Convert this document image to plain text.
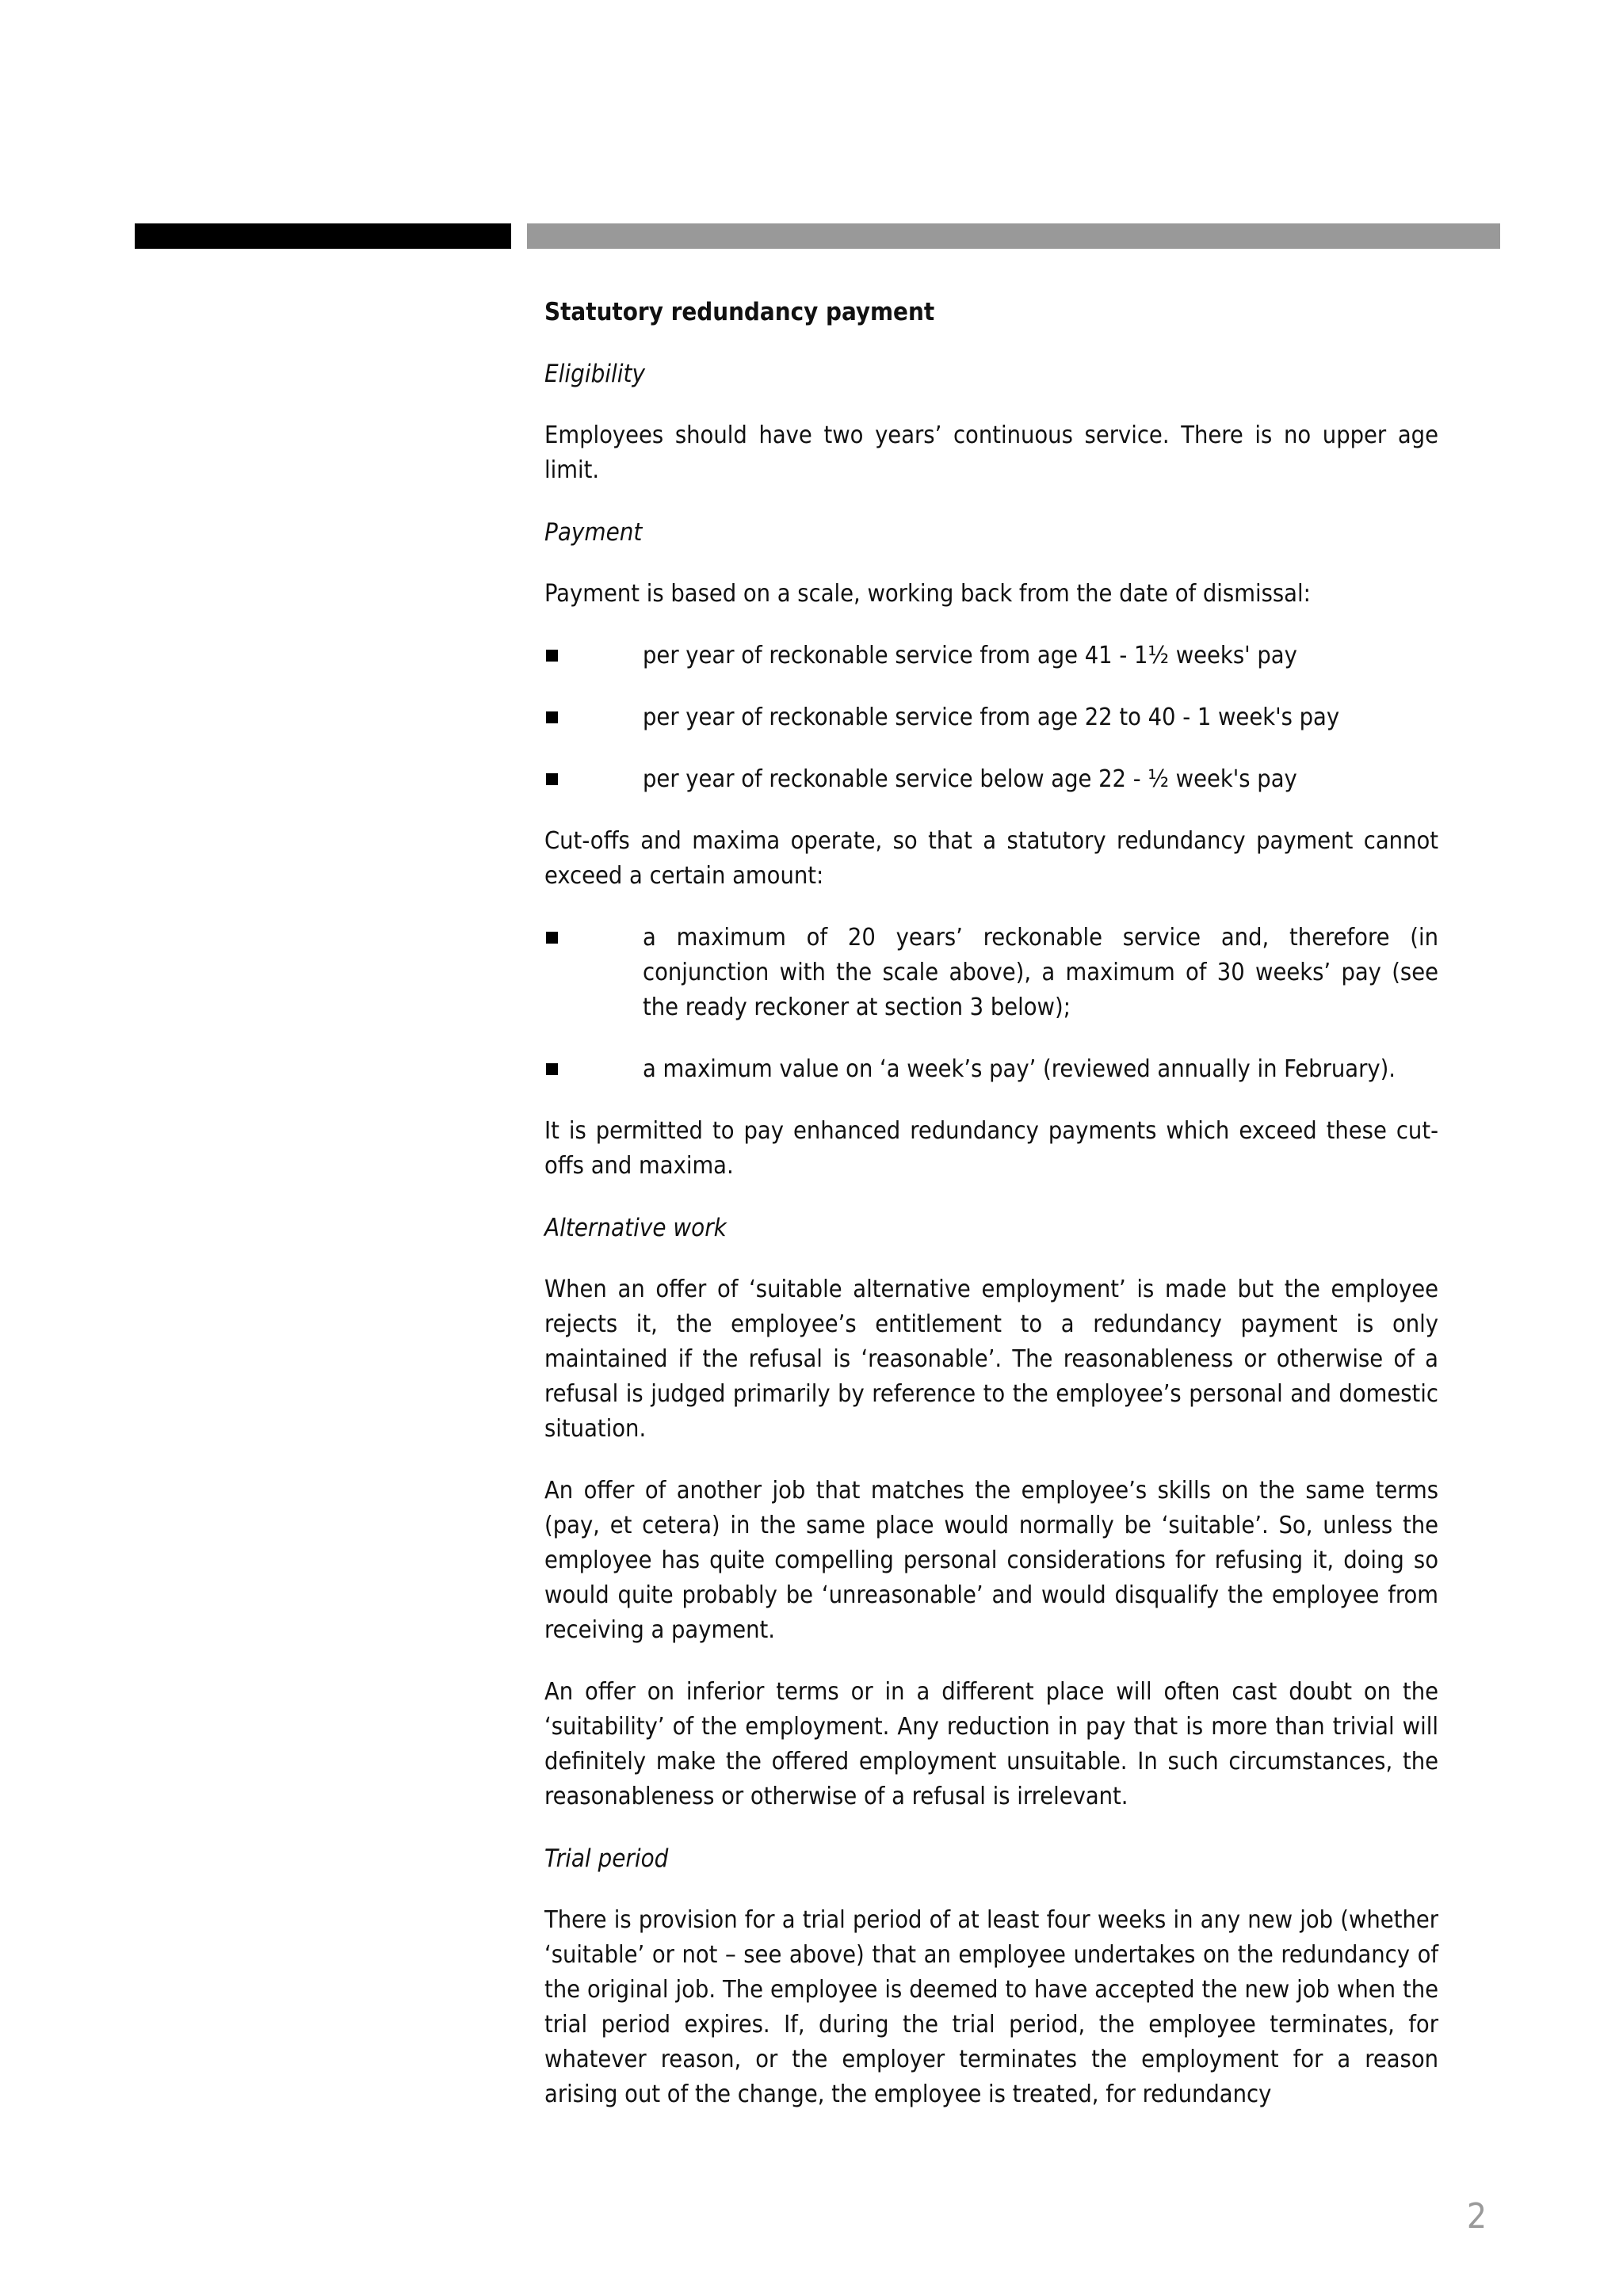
Statutory redundancy payment
Eligibility

Employees should have two years’ continuous service. There is no upper age limit.

Payment

Payment is based on a scale, working back from the date of dismissal:

per year of reckonable service from age 41 - 1½ weeks' pay
per year of reckonable service from age 22 to 40 - 1 week's pay
per year of reckonable service below age 22 - ½ week's pay

Cut-offs and maxima operate, so that a statutory redundancy payment cannot exceed a certain amount:

a maximum of 20 years’ reckonable service and, therefore (in conjunction with the scale above), a maximum of 30 weeks’ pay (see the ready reckoner at section 3 below);
a maximum value on ‘a week’s pay’ (reviewed annually in February).

It is permitted to pay enhanced redundancy payments which exceed these cut-offs and maxima.

Alternative work

When an offer of ‘suitable alternative employment’ is made but the employee rejects it, the employee’s entitlement to a redundancy payment is only maintained if the refusal is ‘reasonable’. The reasonableness or otherwise of a refusal is judged primarily by reference to the employee’s personal and domestic situation.

An offer of another job that matches the employee’s skills on the same terms (pay, et cetera) in the same place would normally be ‘suitable’. So, unless the employee has quite compelling personal considerations for refusing it, doing so would quite probably be ‘unreasonable’ and would disqualify the employee from receiving a payment.

An offer on inferior terms or in a different place will often cast doubt on the ‘suitability’ of the employment. Any reduction in pay that is more than trivial will definitely make the offered employment unsuitable. In such circumstances, the reasonableness or otherwise of a refusal is irrelevant.

Trial period

There is provision for a trial period of at least four weeks in any new job (whether ‘suitable’ or not – see above) that an employee undertakes on the redundancy of the original job. The employee is deemed to have accepted the new job when the trial period expires. If, during the trial period, the employee terminates, for whatever reason, or the employer terminates the employment for a reason arising out of the change, the employee is treated, for redundancy

2
